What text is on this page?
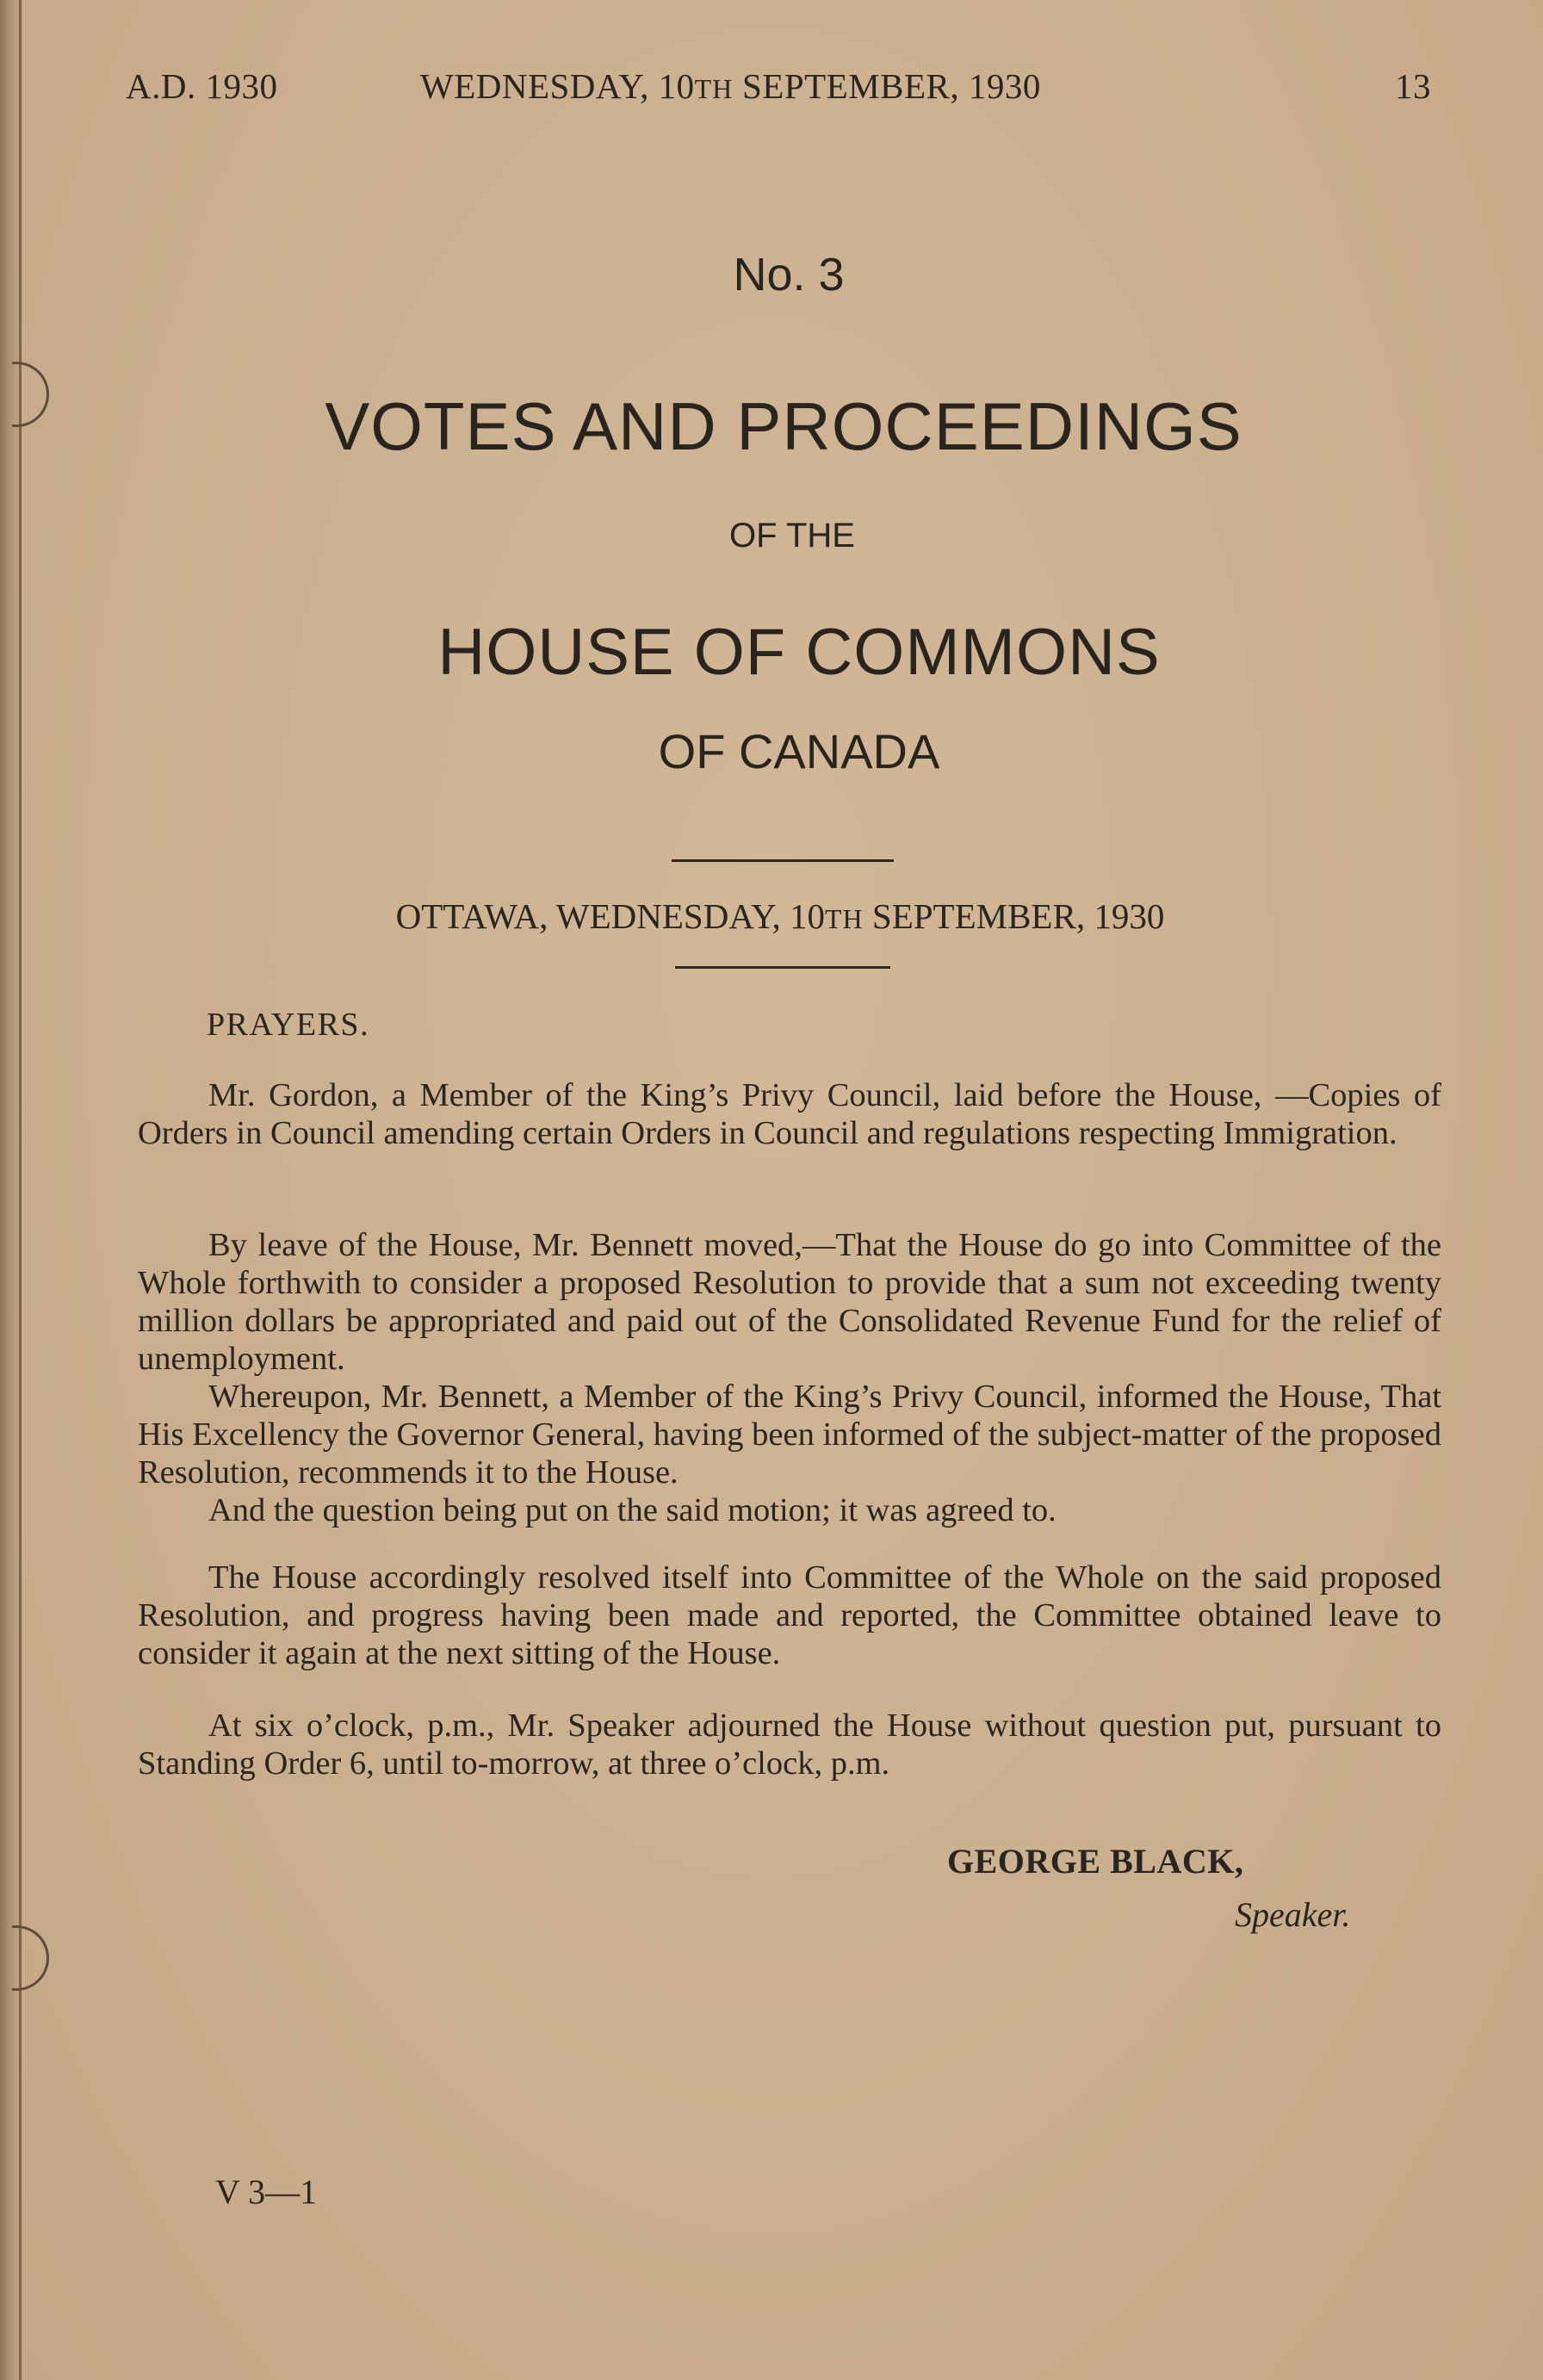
A.D. 1930	WEDNESDAY, 10TH SEPTEMBER, 1930	13
No. 3
VOTES AND PROCEEDINGS
OF THE
HOUSE OF COMMONS
OF CANADA
OTTAWA, WEDNESDAY, 10TH SEPTEMBER, 1930
PRAYERS.

Mr. Gordon, a Member of the King’s Privy Council, laid before the House, —Copies of Orders in Council amending certain Orders in Council and regulations respecting Immigration.

By leave of the House, Mr. Bennett moved,—That the House do go into Committee of the Whole forthwith to consider a proposed Resolution to provide that a sum not exceeding twenty million dollars be appropriated and paid out of the Consolidated Revenue Fund for the relief of unemployment.

Whereupon, Mr. Bennett, a Member of the King’s Privy Council, informed the House, That His Excellency the Governor General, having been informed of the subject-matter of the proposed Resolution, recommends it to the House.

And the question being put on the said motion; it was agreed to.

The House accordingly resolved itself into Committee of the Whole on the said proposed Resolution, and progress having been made and reported, the Committee obtained leave to consider it again at the next sitting of the House.

At six o’clock, p.m., Mr. Speaker adjourned the House without question put, pursuant to Standing Order 6, until to-morrow, at three o’clock, p.m.

GEORGE BLACK,
Speaker.
V 3—1
